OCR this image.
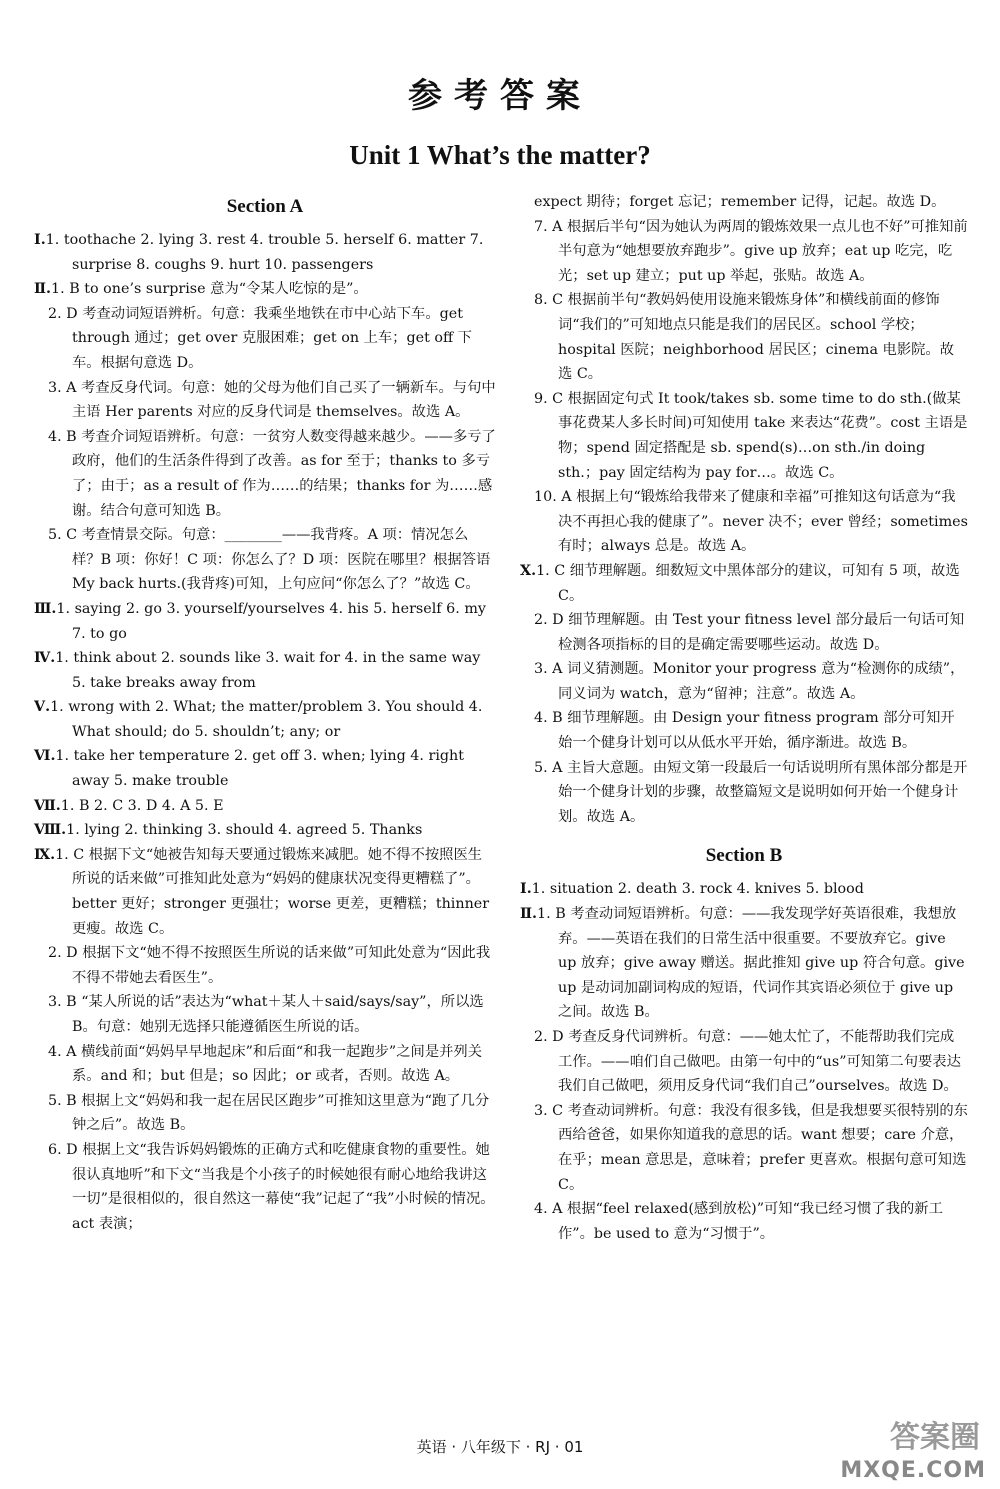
参考答案
Unit 1 What’s the matter?
Section A
Ⅰ.1. toothache 2. lying 3. rest 4. trouble 5. herself 6. matter 7. surprise 8. coughs 9. hurt 10. passengers
Ⅱ.1. B to one’s surprise 意为“令某人吃惊的是”。
2. D 考查动词短语辨析。句意：我乘坐地铁在市中心站下车。get through 通过；get over 克服困难；get on 上车；get off 下车。根据句意选 D。
3. A 考查反身代词。句意：她的父母为他们自己买了一辆新车。与句中主语 Her parents 对应的反身代词是 themselves。故选 A。
4. B 考查介词短语辨析。句意：一贫穷人数变得越来越少。——多亏了政府，他们的生活条件得到了改善。as for 至于；thanks to 多亏了；由于；as a result of 作为……的结果；thanks for 为……感谢。结合句意可知选 B。
5. C 考查情景交际。句意：________——我背疼。A 项：情况怎么样？B 项：你好！C 项：你怎么了？D 项：医院在哪里？根据答语 My back hurts.(我背疼)可知，上句应问“你怎么了？”故选 C。
Ⅲ.1. saying 2. go 3. yourself/yourselves 4. his 5. herself 6. my 7. to go
Ⅳ.1. think about 2. sounds like 3. wait for 4. in the same way 5. take breaks away from
Ⅴ.1. wrong with 2. What; the matter/problem 3. You should 4. What should; do 5. shouldn’t; any; or
Ⅵ.1. take her temperature 2. get off 3. when; lying 4. right away 5. make trouble
Ⅶ.1. B 2. C 3. D 4. A 5. E
Ⅷ.1. lying 2. thinking 3. should 4. agreed 5. Thanks
Ⅸ.1. C 根据下文“她被告知每天要通过锻炼来减肥。她不得不按照医生所说的话来做”可推知此处意为“妈妈的健康状况变得更糟糕了”。better 更好；stronger 更强壮；worse 更差，更糟糕；thinner 更瘦。故选 C。
2. D 根据下文“她不得不按照医生所说的话来做”可知此处意为“因此我不得不带她去看医生”。
3. B “某人所说的话”表达为“what＋某人＋said/says/say”，所以选 B。句意：她别无选择只能遵循医生所说的话。
4. A 横线前面“妈妈早早地起床”和后面“和我一起跑步”之间是并列关系。and 和；but 但是；so 因此；or 或者，否则。故选 A。
5. B 根据上文“妈妈和我一起在居民区跑步”可推知这里意为“跑了几分钟之后”。故选 B。
6. D 根据上文“我告诉妈妈锻炼的正确方式和吃健康食物的重要性。她很认真地听”和下文“当我是个小孩子的时候她很有耐心地给我讲这一切”是很相似的，很自然这一幕使“我”记起了“我”小时候的情况。act 表演；
expect 期待；forget 忘记；remember 记得，记起。故选 D。
7. A 根据后半句“因为她认为两周的锻炼效果一点儿也不好”可推知前半句意为“她想要放弃跑步”。give up 放弃；eat up 吃完，吃光；set up 建立；put up 举起，张贴。故选 A。
8. C 根据前半句“教妈妈使用设施来锻炼身体”和横线前面的修饰词“我们的”可知地点只能是我们的居民区。school 学校；hospital 医院；neighborhood 居民区；cinema 电影院。故选 C。
9. C 根据固定句式 It took/takes sb. some time to do sth.(做某事花费某人多长时间)可知使用 take 来表达“花费”。cost 主语是物；spend 固定搭配是 sb. spend(s)…on sth./in doing sth.；pay 固定结构为 pay for…。故选 C。
10. A 根据上句“锻炼给我带来了健康和幸福”可推知这句话意为“我决不再担心我的健康了”。never 决不；ever 曾经；sometimes 有时；always 总是。故选 A。
Ⅹ.1. C 细节理解题。细数短文中黑体部分的建议，可知有 5 项，故选 C。
2. D 细节理解题。由 Test your fitness level 部分最后一句话可知检测各项指标的目的是确定需要哪些运动。故选 D。
3. A 词义猜测题。Monitor your progress 意为“检测你的成绩”，同义词为 watch，意为“留神；注意”。故选 A。
4. B 细节理解题。由 Design your fitness program 部分可知开始一个健身计划可以从低水平开始，循序渐进。故选 B。
5. A 主旨大意题。由短文第一段最后一句话说明所有黑体部分都是开始一个健身计划的步骤，故整篇短文是说明如何开始一个健身计划。故选 A。
Section B
Ⅰ.1. situation 2. death 3. rock 4. knives 5. blood
Ⅱ.1. B 考查动词短语辨析。句意：——我发现学好英语很难，我想放弃。——英语在我们的日常生活中很重要。不要放弃它。give up 放弃；give away 赠送。据此推知 give up 符合句意。give up 是动词加副词构成的短语，代词作其宾语必须位于 give up 之间。故选 B。
2. D 考查反身代词辨析。句意：——她太忙了，不能帮助我们完成工作。——咱们自己做吧。由第一句中的“us”可知第二句要表达我们自己做吧，须用反身代词“我们自己”ourselves。故选 D。
3. C 考查动词辨析。句意：我没有很多钱，但是我想要买很特别的东西给爸爸，如果你知道我的意思的话。want 想要；care 介意，在乎；mean 意思是，意味着；prefer 更喜欢。根据句意可知选 C。
4. A 根据“feel relaxed(感到放松)”可知“我已经习惯了我的新工作”。be used to 意为“习惯于”。
英语 · 八年级下 · RJ · 01	答案圈
MXQE.COM
